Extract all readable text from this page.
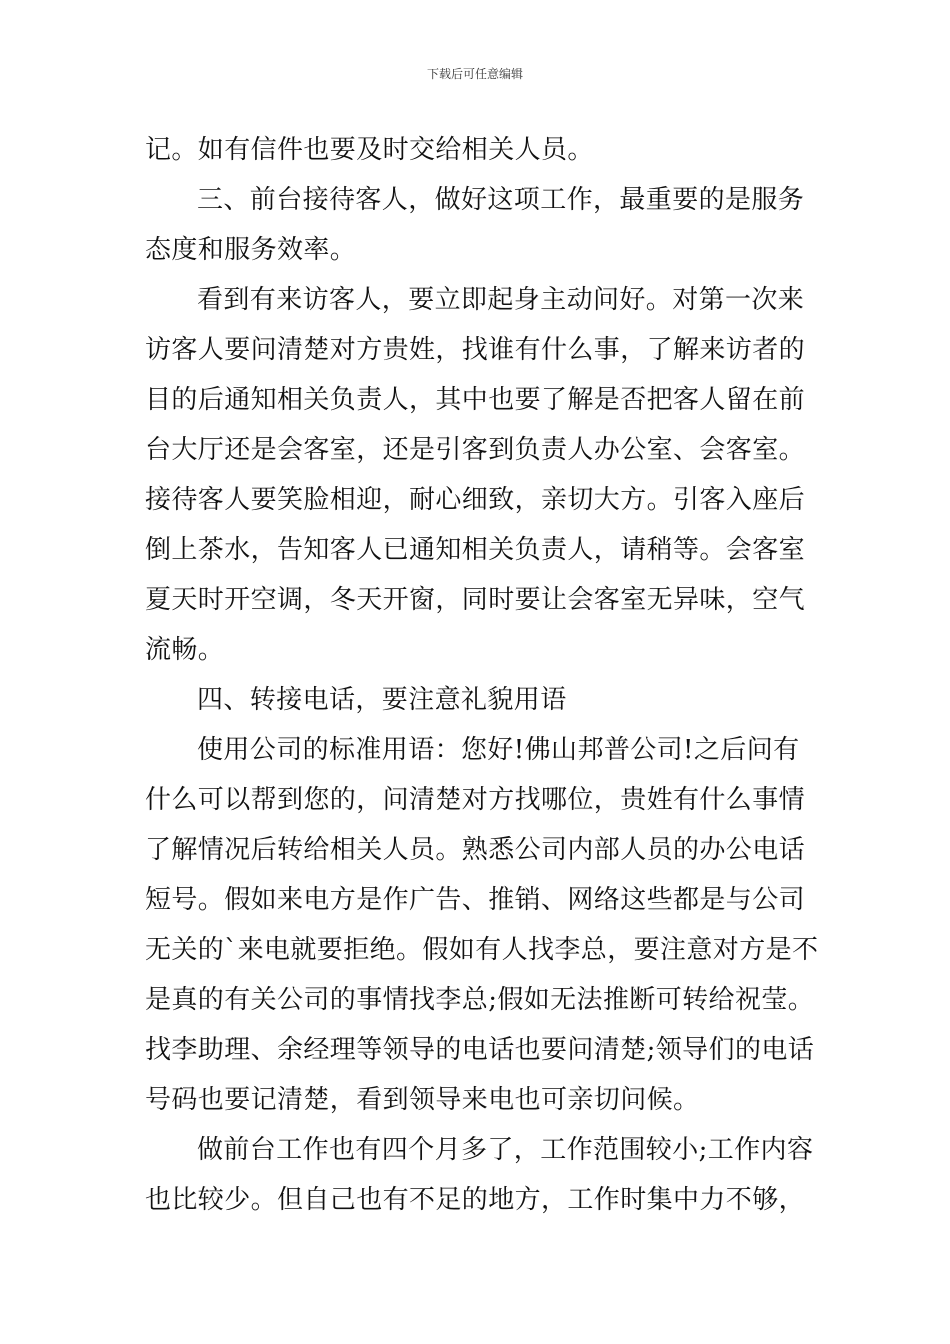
下载后可任意编辑
记。如有信件也要及时交给相关人员。
三、前台接待客人，做好这项工作，最重要的是服务
态度和服务效率。
看到有来访客人，要立即起身主动问好。对第一次来
访客人要问清楚对方贵姓，找谁有什么事，了解来访者的
目的后通知相关负责人，其中也要了解是否把客人留在前
台大厅还是会客室，还是引客到负责人办公室、会客室。
接待客人要笑脸相迎，耐心细致，亲切大方。引客入座后
倒上茶水，告知客人已通知相关负责人，请稍等。会客室
夏天时开空调，冬天开窗，同时要让会客室无异味，空气
流畅。
四、转接电话，要注意礼貌用语
使用公司的标准用语：您好!佛山邦普公司!之后问有
什么可以帮到您的，问清楚对方找哪位，贵姓有什么事情
了解情况后转给相关人员。熟悉公司内部人员的办公电话
短号。假如来电方是作广告、推销、网络这些都是与公司
无关的`来电就要拒绝。假如有人找李总，要注意对方是不
是真的有关公司的事情找李总;假如无法推断可转给祝莹。
找李助理、余经理等领导的电话也要问清楚;领导们的电话
号码也要记清楚，看到领导来电也可亲切问候。
做前台工作也有四个月多了，工作范围较小;工作内容
也比较少。但自己也有不足的地方，工作时集中力不够，
